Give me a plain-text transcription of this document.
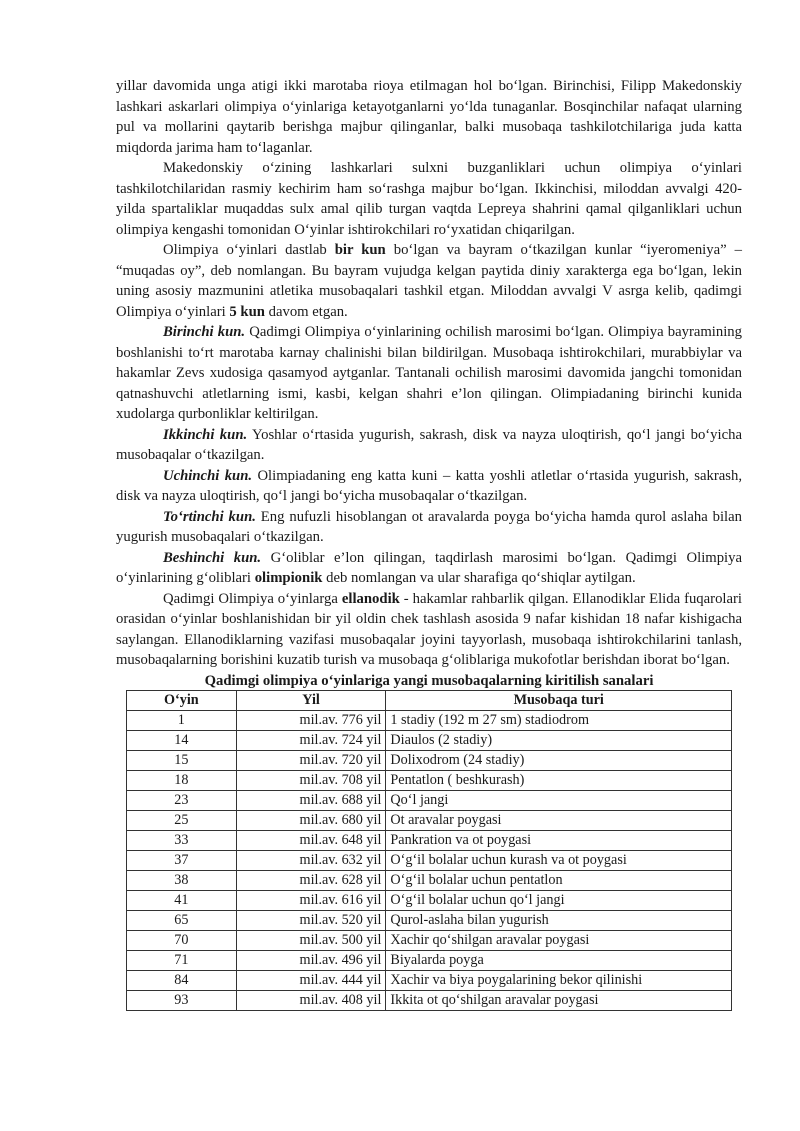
yillar davomida unga atigi ikki marotaba rioya etilmagan hol bo‘lgan. Birinchisi, Filipp Makedonskiy lashkari askarlari olimpiya o‘yinlariga ketayotganlarni yo‘lda tunaganlar. Bosqinchilar nafaqat ularning pul va mollarini qaytarib berishga majbur qilinganlar, balki musobaqa tashkilotchilariga juda katta miqdorda jarima ham to‘laganlar.

Makedonskiy o‘zining lashkarlari sulxni buzganliklari uchun olimpiya o‘yinlari tashkilotchilaridan rasmiy kechirim ham so‘rashga majbur bo‘lgan. Ikkinchisi, miloddan avvalgi 420-yilda spartaliklar muqaddas sulx amal qilib turgan vaqtda Lepreya shahrini qamal qilganliklari uchun olimpiya kengashi tomonidan O‘yinlar ishtirokchilari ro‘yxatidan chiqarilgan.

Olimpiya o‘yinlari dastlab bir kun bo‘lgan va bayram o‘tkazilgan kunlar “iyeromeniya” – “muqadas oy”, deb nomlangan. Bu bayram vujudga kelgan paytida diniy xarakterga ega bo‘lgan, lekin uning asosiy mazmunini atletika musobaqalari tashkil etgan. Miloddan avvalgi V asrga kelib, qadimgi Olimpiya o‘yinlari 5 kun davom etgan.

Birinchi kun. Qadimgi Olimpiya o‘yinlarining ochilish marosimi bo‘lgan. Olimpiya bayramining boshlanishi to‘rt marotaba karnay chalinishi bilan bildirilgan. Musobaqa ishtirokchilari, murabbiylar va hakamlar Zevs xudosiga qasamyod aytganlar. Tantanali ochilish marosimi davomida jangchi tomonidan qatnashuvchi atletlarning ismi, kasbi, kelgan shahri e’lon qilingan. Olimpiadaning birinchi kunida xudolarga qurbonliklar keltirilgan.

Ikkinchi kun. Yoshlar o‘rtasida yugurish, sakrash, disk va nayza uloqtirish, qo‘l jangi bo‘yicha musobaqalar o‘tkazilgan.

Uchinchi kun. Olimpiadaning eng katta kuni – katta yoshli atletlar o‘rtasida yugurish, sakrash, disk va nayza uloqtirish, qo‘l jangi bo‘yicha musobaqalar o‘tkazilgan.

To‘rtinchi kun. Eng nufuzli hisoblangan ot aravalarda poyga bo‘yicha hamda qurol aslaha bilan yugurish musobaqalari o‘tkazilgan.

Beshinchi kun. G‘oliblar e’lon qilingan, taqdirlash marosimi bo‘lgan. Qadimgi Olimpiya o‘yinlarining g‘oliblari olimpionik deb nomlangan va ular sharafiga qo‘shiqlar aytilgan.

Qadimgi Olimpiya o‘yinlarga ellanodik - hakamlar rahbarlik qilgan. Ellanodiklar Elida fuqarolari orasidan o‘yinlar boshlanishidan bir yil oldin chek tashlash asosida 9 nafar kishidan 18 nafar kishigacha saylangan. Ellanodiklarning vazifasi musobaqalar joyini tayyorlash, musobaqa ishtirokchilarini tanlash, musobaqalarning borishini kuzatib turish va musobaqa g‘oliblariga mukofotlar berishdan iborat bo‘lgan.

Qadimgi olimpiya o‘yinlariga yangi musobaqalarning kiritilish sanalari
O‘yin	Yil	Musobaqa turi
1	mil.av. 776 yil	1 stadiy (192 m 27 sm) stadiodrom
14	mil.av. 724 yil	Diaulos (2 stadiy)
15	mil.av. 720 yil	Dolixodrom (24 stadiy)
18	mil.av. 708 yil	Pentatlon ( beshkurash)
23	mil.av. 688 yil	Qo‘l jangi
25	mil.av. 680 yil	Ot aravalar poygasi
33	mil.av. 648 yil	Pankration va ot poygasi
37	mil.av. 632 yil	O‘g‘il bolalar uchun kurash va ot poygasi
38	mil.av. 628 yil	O‘g‘il bolalar uchun pentatlon
41	mil.av. 616 yil	O‘g‘il bolalar uchun qo‘l jangi
65	mil.av. 520 yil	Qurol-aslaha bilan yugurish
70	mil.av. 500 yil	Xachir qo‘shilgan aravalar poygasi
71	mil.av. 496 yil	Biyalarda poyga
84	mil.av. 444 yil	Xachir va biya poygalarining bekor qilinishi
93	mil.av. 408 yil	Ikkita ot qo‘shilgan aravalar poygasi
